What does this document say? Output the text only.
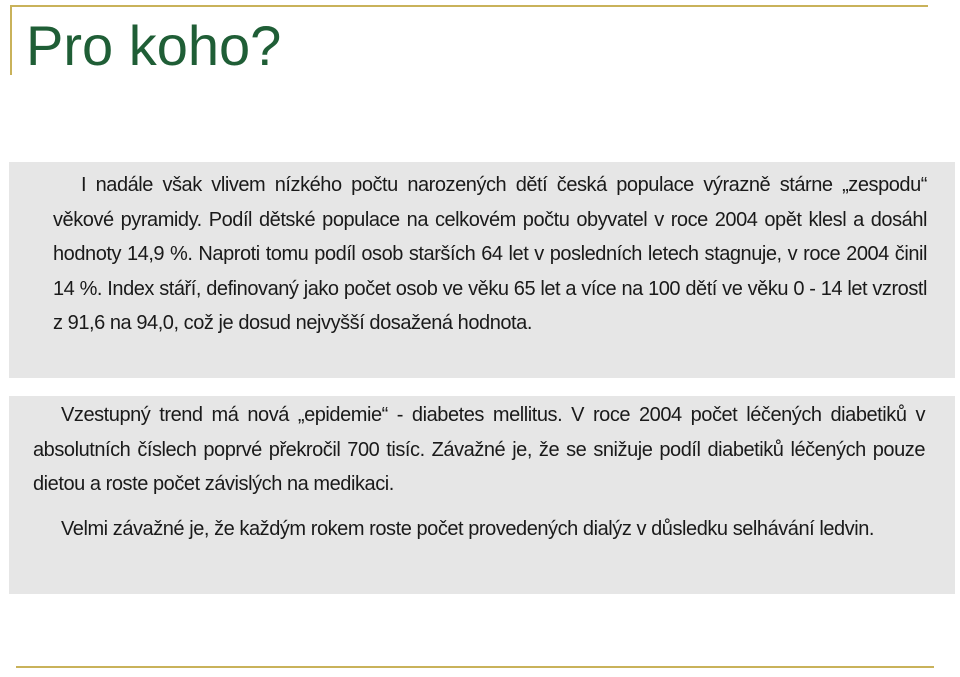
Pro koho?

I nadále však vlivem nízkého počtu narozených dětí česká populace výrazně stárne „zespodu“ věkové pyramidy. Podíl dětské populace na celkovém počtu obyvatel v roce 2004 opět klesl a dosáhl hodnoty 14,9 %. Naproti tomu podíl osob starších 64 let v posledních letech stagnuje, v roce 2004 činil 14 %. Index stáří, definovaný jako počet osob ve věku 65 let a více na 100 dětí ve věku 0 - 14 let vzrostl z 91,6 na 94,0, což je dosud nejvyšší dosažená hodnota.

Vzestupný trend má nová „epidemie“ - diabetes mellitus. V roce 2004 počet léčených diabetiků v absolutních číslech poprvé překročil 700 tisíc. Závažné je, že se snižuje podíl diabetiků léčených pouze dietou a roste počet závislých na medikaci.

Velmi závažné je, že každým rokem roste počet provedených dialýz v důsledku selhávání ledvin.
